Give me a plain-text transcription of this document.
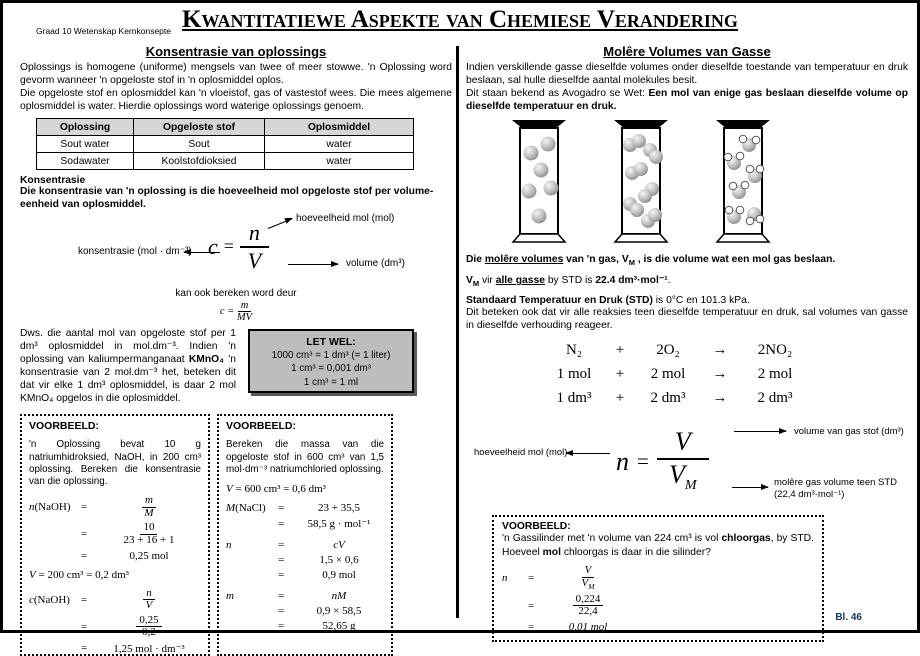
Graad 10 Wetenskap Kernkonsepte Kwantitatiewe Aspekte van Chemiese Verandering
Konsentrasie van oplossings

Oplossings is homogene (uniforme) mengsels van twee of meer stowwe. 'n Oplossing word gevorm wanneer 'n opgeloste stof in 'n oplosmiddel oplos.

Die opgeloste stof en oplosmiddel kan 'n vloeistof, gas of vastestof wees. Die mees algemene oplosmiddel is water. Hierdie oplossings word waterige oplossings genoem.

Oplossing	Opgeloste stof	Oplosmiddel
Sout water	Sout	water
Sodawater	Koolstofdioksied	water
Konsentrasie
Die konsentrasie van 'n oplossing is die hoeveelheid mol opgeloste stof per volume-eenheid van oplosmiddel.
$c = \frac{n}{V}$
hoeveelheid mol (mol)
konsentrasie (mol · dm⁻³)
volume (dm³)
kan ook bereken word deur
$c = \frac{m}{MV}$

Dws. die aantal mol van opgeloste stof per 1 dm³ oplosmiddel in mol.dm⁻³. Indien 'n oplossing van kaliumpermanganaat KMnO₄ 'n konsentrasie van 2 mol.dm⁻³ het, beteken dit dat vir elke 1 dm³ oplosmiddel, is daar 2 mol KMnO₄ opgelos in die oplosmiddel.

LET WEL:
1000 cm³ = 1 dm³ (= 1 liter)
1 cm³ = 0,001 dm³
1 cm³ = 1 ml
VOORBEELD:
'n Oplossing bevat 10 g natriumhidroksied, NaOH, in 200 cm³ oplossing. Bereken die konsentrasie van die oplossing.
n(NaOH) =	$\frac{m}{M}$
=	$\frac{10}{23 + 16 + 1}$
=	0,25 mol
V = 200 cm³ = 0,2 dm³
c(NaOH)	=	$\frac{n}{V}$
=	$\frac{0,25}{0,2}$
=	1,25 mol · dm⁻³
VOORBEELD:
Bereken die massa van die opgeloste stof in 600 cm³ van 1,5 mol·dm⁻³ natriumchloried oplossing.
V = 600 cm³ = 0,6 dm³
M(NaCl)	=	23 + 35,5
=	58,5 g · mol⁻¹
n	=	cV
=	1,5 × 0,6
=	0,9 mol
m	=	nM
=	0,9 × 58,5
=	52,65 g
Molêre Volumes van Gasse

Indien verskillende gasse dieselfde volumes onder dieselfde toestande van temperatuur en druk beslaan, sal hulle dieselfde aantal molekules besit.

Dit staan bekend as Avogadro se Wet: Een mol van enige gas beslaan dieselfde volume op dieselfde temperatuur en druk.

Die molêre volumes van 'n gas, $V_M$ , is die volume wat een mol gas beslaan.
$V_M$ vir alle gasse by STD is 22.4 dm³·mol⁻¹.
Standaard Temperatuur en Druk (STD) is 0°C en 101.3 kPa.

Dit beteken ook dat vir alle reaksies teen dieselfde temperatuur en druk, sal volumes van gasse in dieselfde verhouding reageer.

N₂	+	2O₂	→	2NO₂
1 mol	+	2 mol	→	2 mol
1 dm³	+	2 dm³	→	2 dm³
$n = \frac{V}{V_M}$
hoeveelheid mol (mol)
volume van gas stof (dm³)
molêre gas volume teen STD
(22,4 dm³·mol⁻¹)
VOORBEELD:
'n Gassilinder met 'n volume van 224 cm³ is vol chloorgas, by STD. Hoeveel mol chloorgas is daar in die silinder?
n	=	$\frac{V}{V_M}$
=	$\frac{0,224}{22,4}$
=	0,01 mol
Bl. 46
